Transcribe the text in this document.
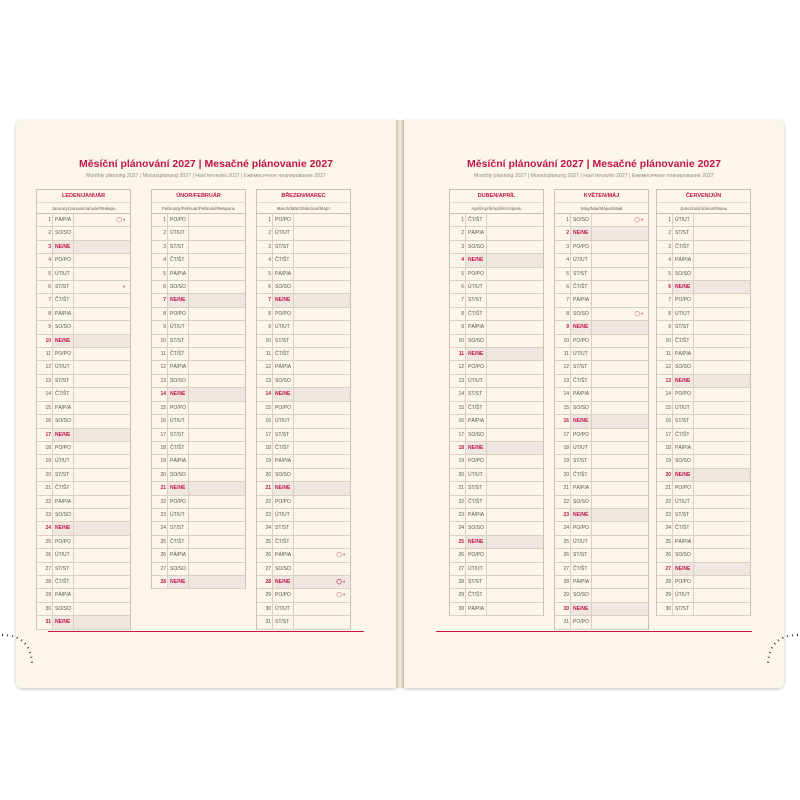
Měsíční plánování 2027 | Mesačné plánovanie 2027
Monthly planning 2027 | Monatsplanung 2027 | Havi tervezés 2027 | Ежемесячное планирование 2027
LEDEN/JANUÁR
January/Januar/Január/Январь
1 PÁ/PIA	◯◐
2 SO/SO
3 NE/NE
4 PO/PO
5 ÚT/UT
6 ST/ST	◐
7 ČT/ŠT
8 PÁ/PIA
9 SO/SO
10 NE/NE
11 PO/PO
12 ÚT/UT
13 ST/ST
14 ČT/ŠT
15 PÁ/PIA
16 SO/SO
17 NE/NE
18 PO/PO
19 ÚT/UT
20 ST/ST
21 ČT/ŠT
22 PÁ/PIA
23 SO/SO
24 NE/NE
25 PO/PO
26 ÚT/UT
27 ST/ST
28 ČT/ŠT
29 PÁ/PIA
30 SO/SO
31 NE/NE
ÚNOR/FEBRUÁR
February/Februar/Február/Февраль
1 PO/PO
2 ÚT/UT
3 ST/ST
4 ČT/ŠT
5 PÁ/PIA
6 SO/SO
7 NE/NE
8 PO/PO
9 ÚT/UT
10 ST/ST
11 ČT/ŠT
12 PÁ/PIA
13 SO/SO
14 NE/NE
15 PO/PO
16 ÚT/UT
17 ST/ST
18 ČT/ŠT
19 PÁ/PIA
20 SO/SO
21 NE/NE
22 PO/PO
23 ÚT/UT
24 ST/ST
25 ČT/ŠT
26 PÁ/PIA
27 SO/SO
28 NE/NE
BŘEZEN/MAREC
March/März/Március/Март
1 PO/PO
2 ÚT/UT
3 ST/ST
4 ČT/ŠT
5 PÁ/PIA
6 SO/SO
7 NE/NE
8 PO/PO
9 ÚT/UT
10 ST/ST
11 ČT/ŠT
12 PÁ/PIA
13 SO/SO
14 NE/NE
15 PO/PO
16 ÚT/UT
17 ST/ST
18 ČT/ŠT
19 PÁ/PIA
20 SO/SO
21 NE/NE
22 PO/PO
23 ÚT/UT
24 ST/ST
25 ČT/ŠT
26 PÁ/PIA	◯◐
27 SO/SO
28 NE/NE	◯◐
29 PO/PO	◯◐
30 ÚT/UT
31 ST/ST
Měsíční plánování 2027 | Mesačné plánovanie 2027
Monthly planning 2027 | Monatsplanung 2027 | Havi tervezés 2027 | Ежемесячное планирование 2027
DUBEN/APRÍL
April/April/Április/Апрель
1 ČT/ŠT
2 PÁ/PIA
3 SO/SO
4 NE/NE
5 PO/PO
6 ÚT/UT
7 ST/ST
8 ČT/ŠT
9 PÁ/PIA
10 SO/SO
11 NE/NE
12 PO/PO
13 ÚT/UT
14 ST/ST
15 ČT/ŠT
16 PÁ/PIA
17 SO/SO
18 NE/NE
19 PO/PO
20 ÚT/UT
21 ST/ST
22 ČT/ŠT
23 PÁ/PIA
24 SO/SO
25 NE/NE
26 PO/PO
27 ÚT/UT
28 ST/ST
29 ČT/ŠT
30 PÁ/PIA
KVĚTEN/MÁJ
May/Mai/Május/Май
1 SO/SO	◯◐
2 NE/NE
3 PO/PO
4 ÚT/UT
5 ST/ST
6 ČT/ŠT
7 PÁ/PIA
8 SO/SO	◯◐
9 NE/NE
10 PO/PO
11 ÚT/UT
12 ST/ST
13 ČT/ŠT
14 PÁ/PIA
15 SO/SO
16 NE/NE
17 PO/PO
18 ÚT/UT
19 ST/ST
20 ČT/ŠT
21 PÁ/PIA
22 SO/SO
23 NE/NE
24 PO/PO
25 ÚT/UT
26 ST/ST
27 ČT/ŠT
28 PÁ/PIA
29 SO/SO
30 NE/NE
31 PO/PO
ČERVEN/JÚN
June/Juni/Június/Июнь
1 ÚT/UT
2 ST/ST
3 ČT/ŠT
4 PÁ/PIA
5 SO/SO
6 NE/NE
7 PO/PO
8 ÚT/UT
9 ST/ST
10 ČT/ŠT
11 PÁ/PIA
12 SO/SO
13 NE/NE
14 PO/PO
15 ÚT/UT
16 ST/ST
17 ČT/ŠT
18 PÁ/PIA
19 SO/SO
20 NE/NE
21 PO/PO
22 ÚT/UT
23 ST/ST
24 ČT/ŠT
25 PÁ/PIA
26 SO/SO
27 NE/NE
28 PO/PO
29 ÚT/UT
30 ST/ST
